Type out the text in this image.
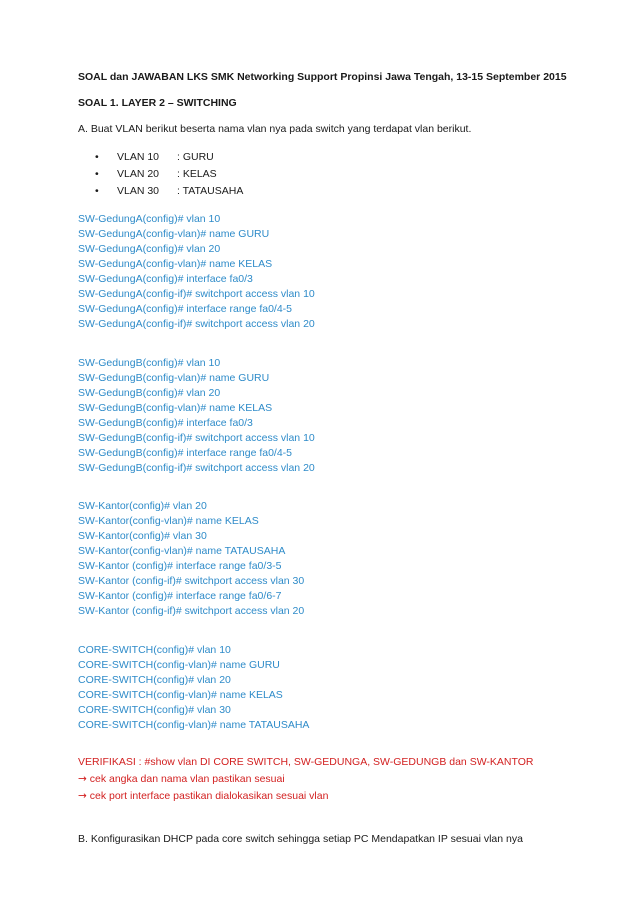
SOAL dan JAWABAN LKS SMK Networking Support Propinsi Jawa Tengah, 13-15 September 2015
SOAL 1. LAYER 2 – SWITCHING
A. Buat VLAN berikut beserta nama vlan nya pada switch yang terdapat vlan berikut.
• VLAN 10 : GURU
• VLAN 20 : KELAS
• VLAN 30 : TATAUSAHA
SW-GedungA(config)# vlan 10
SW-GedungA(config-vlan)# name GURU
SW-GedungA(config)# vlan 20
SW-GedungA(config-vlan)# name KELAS
SW-GedungA(config)# interface fa0/3
SW-GedungA(config-if)# switchport access vlan 10
SW-GedungA(config)# interface range fa0/4-5
SW-GedungA(config-if)# switchport access vlan 20
SW-GedungB(config)# vlan 10
SW-GedungB(config-vlan)# name GURU
SW-GedungB(config)# vlan 20
SW-GedungB(config-vlan)# name KELAS
SW-GedungB(config)# interface fa0/3
SW-GedungB(config-if)# switchport access vlan 10
SW-GedungB(config)# interface range fa0/4-5
SW-GedungB(config-if)# switchport access vlan 20
SW-Kantor(config)# vlan 20
SW-Kantor(config-vlan)# name KELAS
SW-Kantor(config)# vlan 30
SW-Kantor(config-vlan)# name TATAUSAHA
SW-Kantor (config)# interface range fa0/3-5
SW-Kantor (config-if)# switchport access vlan 30
SW-Kantor (config)# interface range fa0/6-7
SW-Kantor (config-if)# switchport access vlan 20
CORE-SWITCH(config)# vlan 10
CORE-SWITCH(config-vlan)# name GURU
CORE-SWITCH(config)# vlan 20
CORE-SWITCH(config-vlan)# name KELAS
CORE-SWITCH(config)# vlan 30
CORE-SWITCH(config-vlan)# name TATAUSAHA
VERIFIKASI : #show vlan DI CORE SWITCH, SW-GEDUNGA, SW-GEDUNGB dan SW-KANTOR
→ cek angka dan nama vlan pastikan sesuai
→ cek port interface pastikan dialokasikan sesuai vlan
B. Konfigurasikan DHCP pada core switch sehingga setiap PC Mendapatkan IP sesuai vlan nya
